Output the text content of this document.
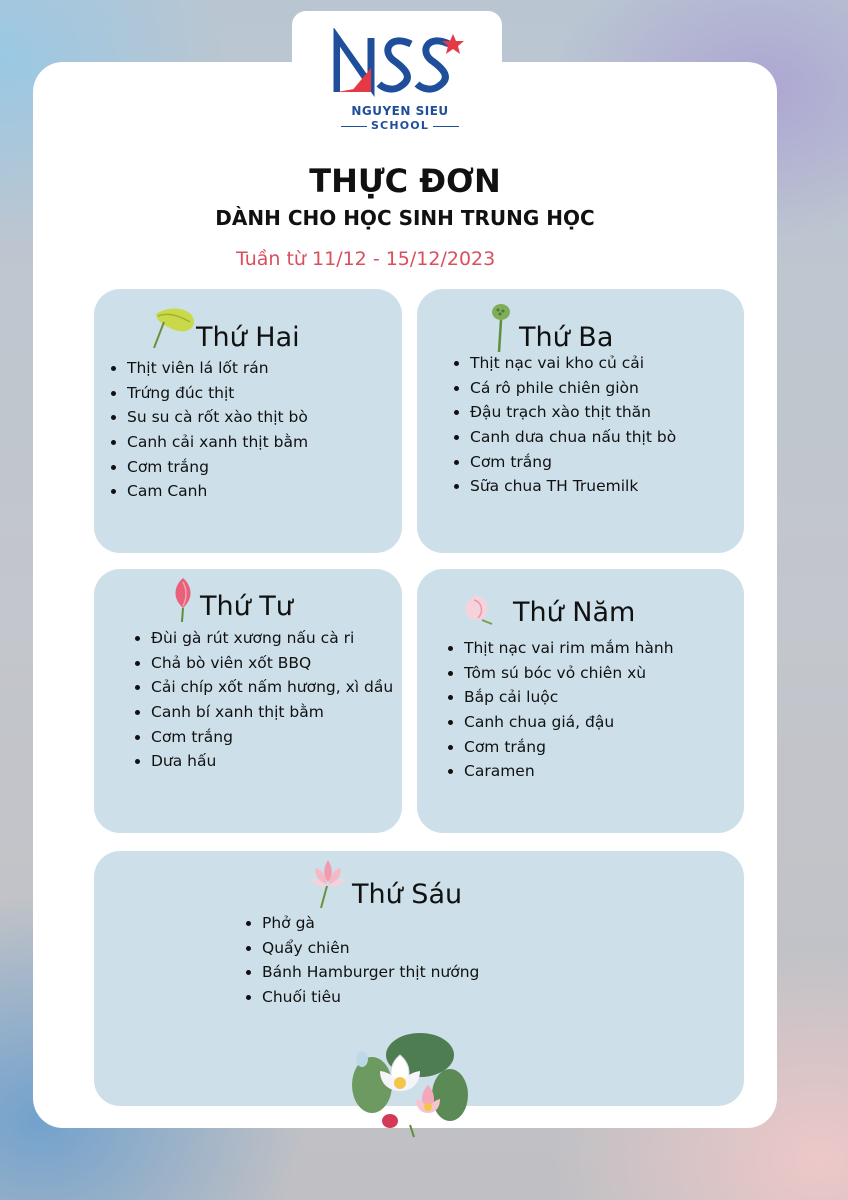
NGUYEN SIEU
SCHOOL
THỰC ĐƠN
DÀNH CHO HỌC SINH TRUNG HỌC
Tuần từ 11/12 - 15/12/2023
Thứ Hai
• Thịt viên lá lốt rán
• Trứng đúc thịt
• Su su cà rốt xào thịt bò
• Canh cải xanh thịt bằm
• Cơm trắng
• Cam Canh
Thứ Ba
• Thịt nạc vai kho củ cải
• Cá rô phile chiên giòn
• Đậu trạch xào thịt thăn
• Canh dưa chua nấu thịt bò
• Cơm trắng
• Sữa chua TH Truemilk
Thứ Tư
• Đùi gà rút xương nấu cà ri
• Chả bò viên xốt BBQ
• Cải chíp xốt nấm hương, xì dầu
• Canh bí xanh thịt bằm
• Cơm trắng
• Dưa hấu
Thứ Năm
• Thịt nạc vai rim mắm hành
• Tôm sú bóc vỏ chiên xù
• Bắp cải luộc
• Canh chua giá, đậu
• Cơm trắng
• Caramen
Thứ Sáu
• Phở gà
• Quẩy chiên
• Bánh Hamburger thịt nướng
• Chuối tiêu
